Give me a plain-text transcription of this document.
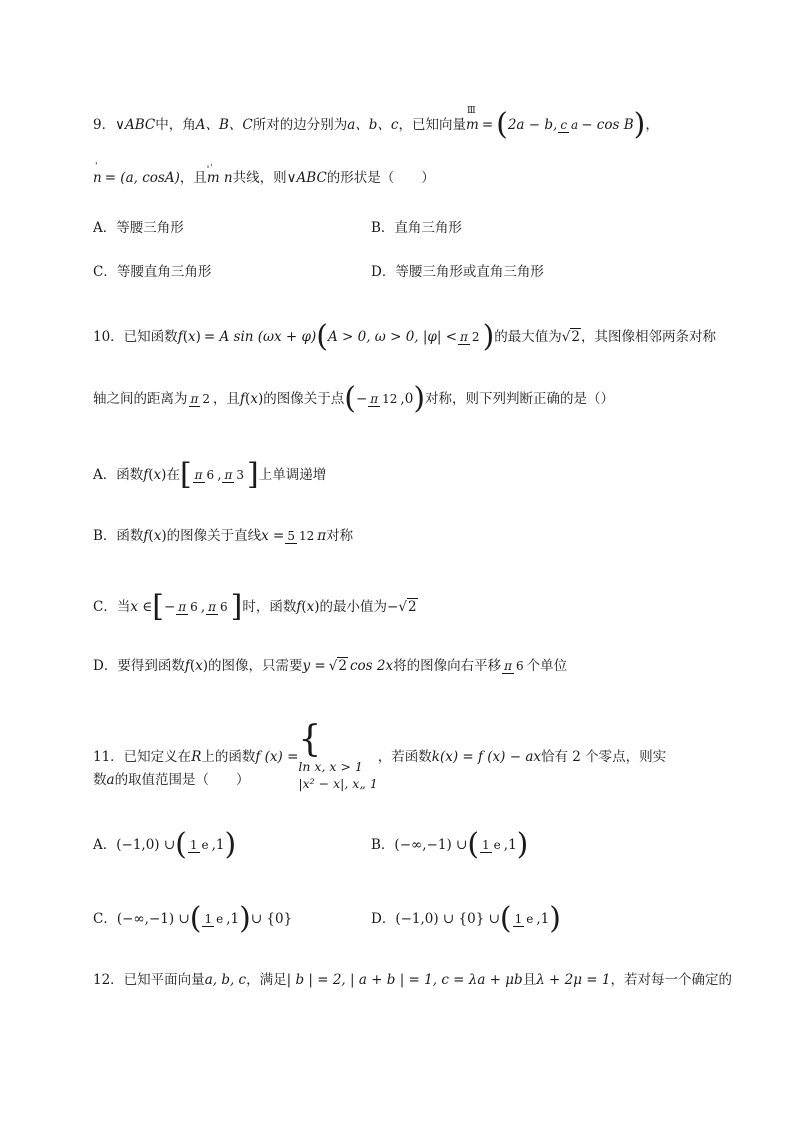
9．∨ ABC 中，角 A、B、C 所对的边分别为 a、b、c ，已知向量
Ⅲ
m = ( 2a − b, c a − cos B ) ，
'
n = (a, cosA) ，且
ͧ '
m n 共线，则∨ ABC 的形状是（　　）
A．等腰三角形	B．直角三角形
C．等腰直角三角形	D．等腰三角形或直角三角形
10．已知函数 f ( x ) = A sin (ωx + φ) ( A > 0, ω > 0, |φ| < π 2 ) 的最大值为 √2 ，其图像相邻两条对称
轴之间的距离为 π 2 ，且 f ( x ) 的图像关于点 ( − π 12 ,0 ) 对称，则下列判断正确的是（）
A．函数 f ( x ) 在 [ π 6 , π 3 ] 上单调递增
B．函数 f ( x ) 的图像关于直线 x = 5 12 π 对称
C．当 x ∈ [ − π 6 , π 6 ] 时，函数 f ( x ) 的最小值为 − √2
D．要得到函数 f ( x ) 的图像，只需要 y = √2 cos 2x 将的图像向右平移 π 6 个单位
11．已知定义在 R 上的函数 f (x) = {
ln x, x > 1
|x² − x|, x„ 1
，若函数 k(x) = f (x) − ax 恰有 2 个零点，则实
数 a 的取值范围是（　　）
A． (−1,0) ∪ ( 1 e ,1 )	B． (−∞,−1) ∪ ( 1 e ,1 )
C． (−∞,−1) ∪ ( 1 e ,1 ) ∪ {0}	D． (−1,0) ∪ {0} ∪ ( 1 e ,1 )
12．已知平面向量 a, b, c ，满足 | b | = 2, | a + b | = 1, c = λa + μb 且 λ + 2μ = 1 ，若对每一个确定的
